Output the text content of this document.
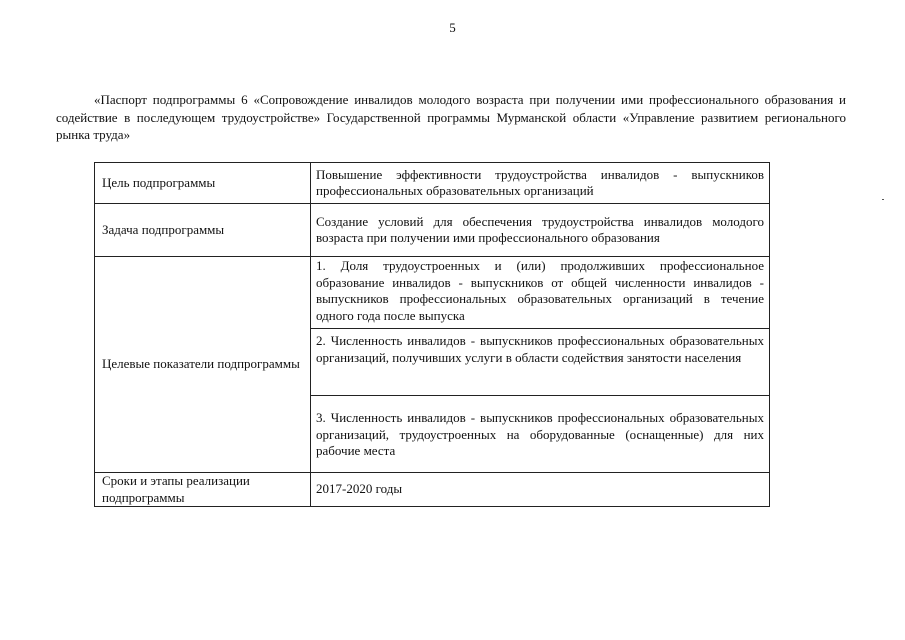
5

«Паспорт подпрограммы 6 «Сопровождение инвалидов молодого возраста при получении ими профессионального образования и содействие в последующем трудоустройстве» Государственной программы Мурманской области «Управление развитием регионального рынка труда»

Цель подпрограммы	Повышение эффективности трудоустройства инвалидов - выпускников профессиональных образовательных организаций
Задача подпрограммы	Создание условий для обеспечения трудоустройства инвалидов молодого возраста при получении ими профессионального образования
Целевые показатели подпрограммы	1. Доля трудоустроенных и (или) продолживших профессиональное образование инвалидов - выпускников от общей численности инвалидов - выпускников профессиональных образовательных организаций в течение одного года после выпуска
	2. Численность инвалидов - выпускников профессиональных образовательных организаций, получивших услуги в области содействия занятости населения
	3. Численность инвалидов - выпускников профессиональных образовательных организаций, трудоустроенных на оборудованные (оснащенные) для них рабочие места
Сроки и этапы реализации подпрограммы	2017-2020 годы
